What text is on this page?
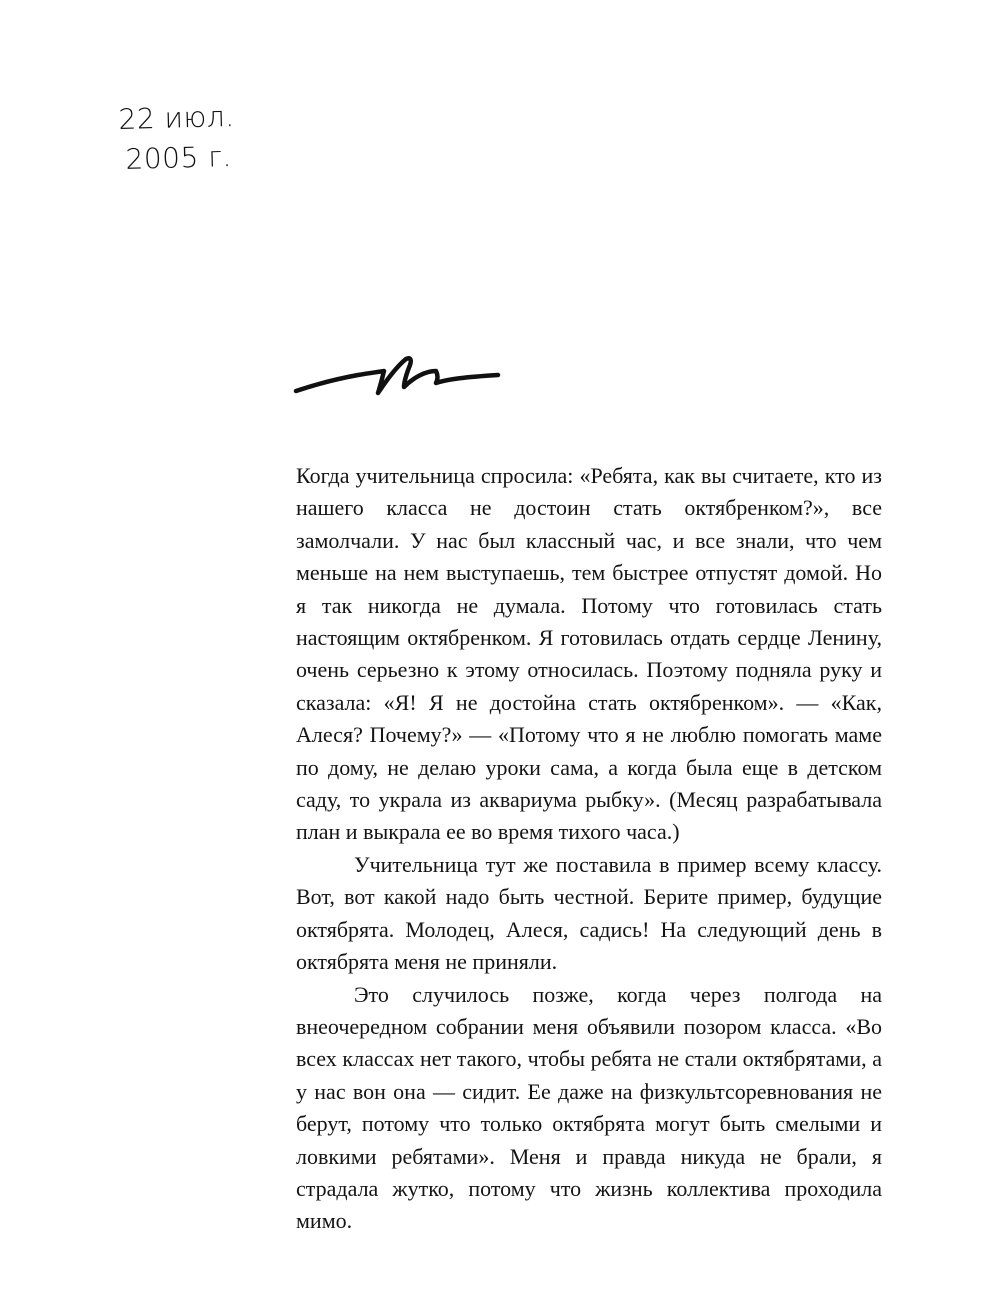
22 июл.
2005 г.

Когда учительница спросила: «Ребята, как вы считаете, кто из нашего класса не достоин стать октябренком?», все замолчали. У нас был классный час, и все знали, что чем меньше на нем выступаешь, тем быстрее отпустят домой. Но я так никогда не думала. Потому что готовилась стать настоящим октябренком. Я готовилась отдать сердце Ленину, очень серьезно к этому относилась. Поэтому подняла руку и сказала: «Я! Я не достойна стать октябренком». — «Как, Алеся? Почему?» — «Потому что я не люблю помогать маме по дому, не делаю уроки сама, а когда была еще в детском саду, то украла из аквариума рыбку». (Месяц разрабатывала план и выкрала ее во время тихого часа.)

Учительница тут же поставила в пример всему классу. Вот, вот какой надо быть честной. Берите пример, будущие октябрята. Молодец, Алеся, садись! На следующий день в октябрята меня не приняли.

Это случилось позже, когда через полгода на внеочередном собрании меня объявили позором класса. «Во всех классах нет такого, чтобы ребята не стали октябрятами, а у нас вон она — сидит. Ее даже на физкультсоревнования не берут, потому что только октябрята могут быть смелыми и ловкими ребятами». Меня и правда никуда не брали, я страдала жутко, потому что жизнь коллектива проходила мимо.
